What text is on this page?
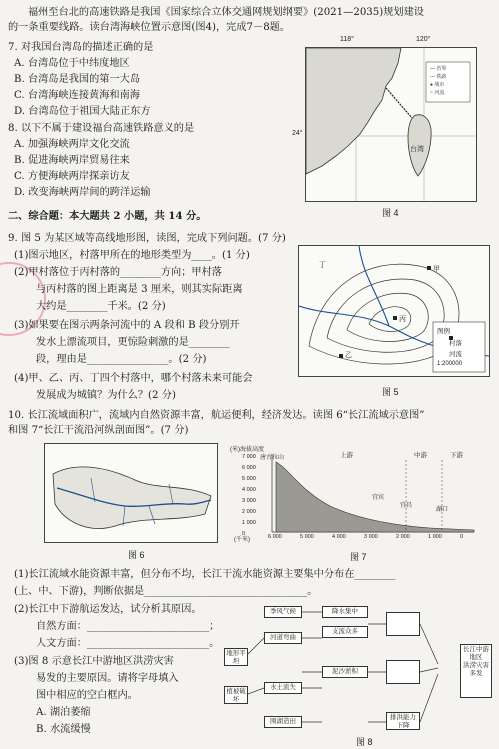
福州至台北的高速铁路是我国《国家综合立体交通网规划纲要》(2021—2035)规划建设
的一条重要线路。读台湾海峡位置示意图(图4)，完成7－8题。
7. 对我国台湾岛的描述正确的是
A. 台湾岛位于中纬度地区
B. 台湾岛是我国的第一大岛
C. 台湾海峡连接黄海和南海
D. 台湾岛位于祖国大陆正东方
8. 以下不属于建设福台高速铁路意义的是
A. 加强海峡两岸文化交流
B. 促进海峡两岸贸易往来
C. 方便海峡两岸探亲访友
D. 改变海峡两岸间的跨洋运输
— 省界
--- 铁路
● 城市
~ 河流
118°	120°
24°
台湾
图 4
二、综合题：本大题共 2 小题，共 14 分。
9. 图 5 为某区域等高线地形图，读图，完成下列问题。(7 分)
(1)图示地区，村落甲所在的地形类型为____。(1 分)
(2)甲村落位于丙村落的________方向；甲村落
与丙村落的图上距离是 3 厘米，则其实际距离
大约是________千米。(2 分)
(3)如果要在图示两条河流中的 A 段和 B 段分别开
发水上漂流项目，更惊险刺激的是________
段，理由是________________。(2 分)
(4)甲、乙、丙、丁四个村落中，哪个村落未来可能会
发展成为城镇？为什么？(2 分)
图例
村落
河流
1:200000
甲
乙
丙
丁
图 5
10. 长江流域面积广，流域内自然资源丰富，航运便利，经济发达。读图 6“长江流域示意图”
和图 7“长江干流沿河纵剖面图”。(7 分)
图 6
(米)海拔高度
唐古拉山	上游	中游	下游
宜宾
宜昌
湖口
7 000
6 000
5 000
4 000
3 000
2 000
1 000
0	6 000	5 000	4 000	3 000	2 000	1 000	0
(千米)
图 7
(1)长江流域水能资源丰富，但分布不均，长江干流水能资源主要集中分布在________
(上、中、下游)，判断依据是________________________________。
(2)长江中下游航运发达，试分析其原因。
自然方面：________________________；
人文方面：________________________。
(3)图 8 示意长江中游地区洪涝灾害
易发的主要原因。请将字母填入
图中相应的空白框内。
A. 湖泊萎缩
B. 水流缓慢
季风气候	降水集中
支流众多
河道弯曲
泥沙淤积
水土流失
围湖造田
排洪能力下降
地形平坦
植被破坏
长江中游地区
洪涝灾害多发
图 8
